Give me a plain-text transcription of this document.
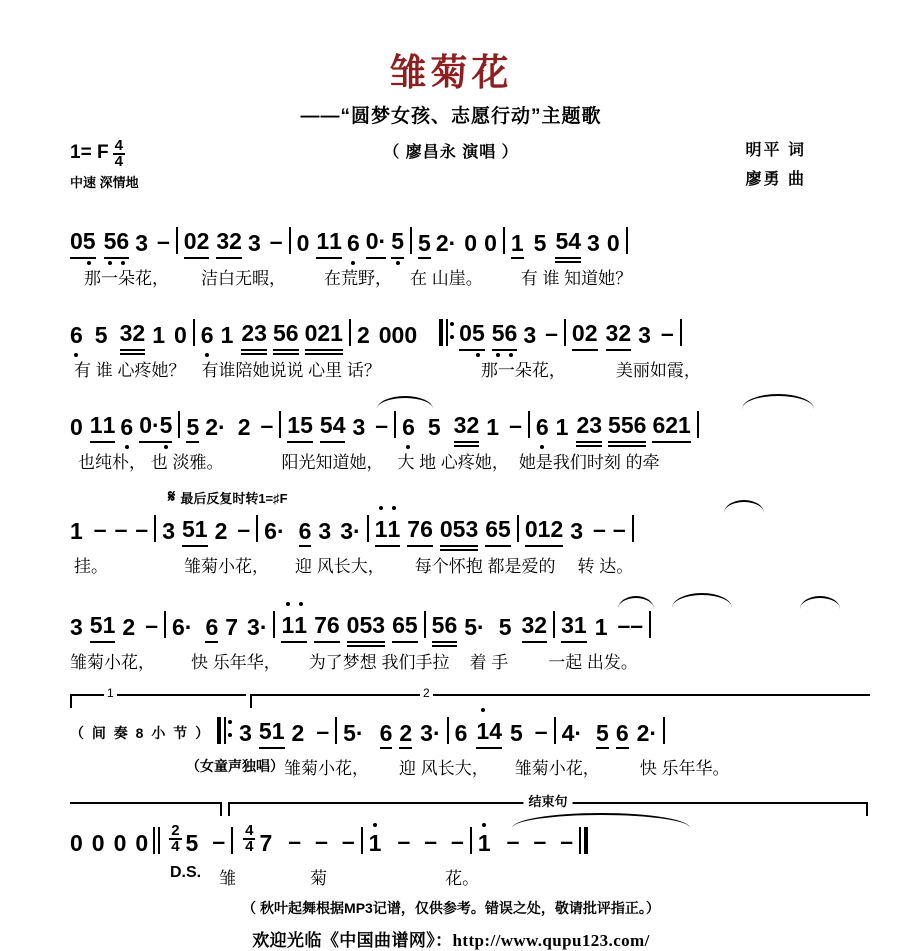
雏菊花
——“圆梦女孩、志愿行动”主题歌
（ 廖昌永 演唱 ）
1= F $\frac{4}{4}$
中速 深情地
明平 词
廖勇 曲
05 56 3 – 02 32 3 – 0 11 6 0· 5 5 2· 0 0 1 5 54 3 0
那一朵花， 洁白无暇， 在荒野， 在 山崖。 有 谁 知道她？
6 5 32 1 0 6 1 23 56 021 2 0 0 0 05 56 3 – 02 32 3 –
有 谁 心疼她？ 有谁陪她说说 心里 话？	那一朵花，	美丽如霞，
0 11 6 0·5 5 2· 2 – 15 54 3 – 6 5 32 1 – 6 1 23 556 621
也纯朴， 也 淡雅。	阳光知道她， 大 地 心疼她， 她是我们时刻 的牵
𝄋 最后反复时转1=♯F
1 – – – 3 51 2 – 6· 6 3 3· 11 76 053 65 012 3 – –
挂。	雏菊小花， 迎 风长大， 每个怀抱 都是爱的 转 达。
3 51 2 – 6· 6 7 3· 11 76 053 65 56 5· 5 32 31 1 – –
雏菊小花， 快 乐年华， 为了梦想 我们手拉 着 手 一起 出发。
1	2
（ 间 奏 8 小 节 ） 3 51 2 – 5· 6 2 3· 6 14 5 – 4· 5 6 2·
（女童声独唱） 雏菊小花， 迎 风长大， 雏菊小花， 快 乐年华。
结束句
0 0 0 $0 \frac{2}{4} 5 - \frac{4}{4} 7$ – – – 1 – – – 1 – – –
D.S. 雏	菊	花。
（ 秋叶起舞根据MP3记谱，仅供参考。错误之处，敬请批评指正。）
欢迎光临《中国曲谱网》：http://www.qupu123.com/
